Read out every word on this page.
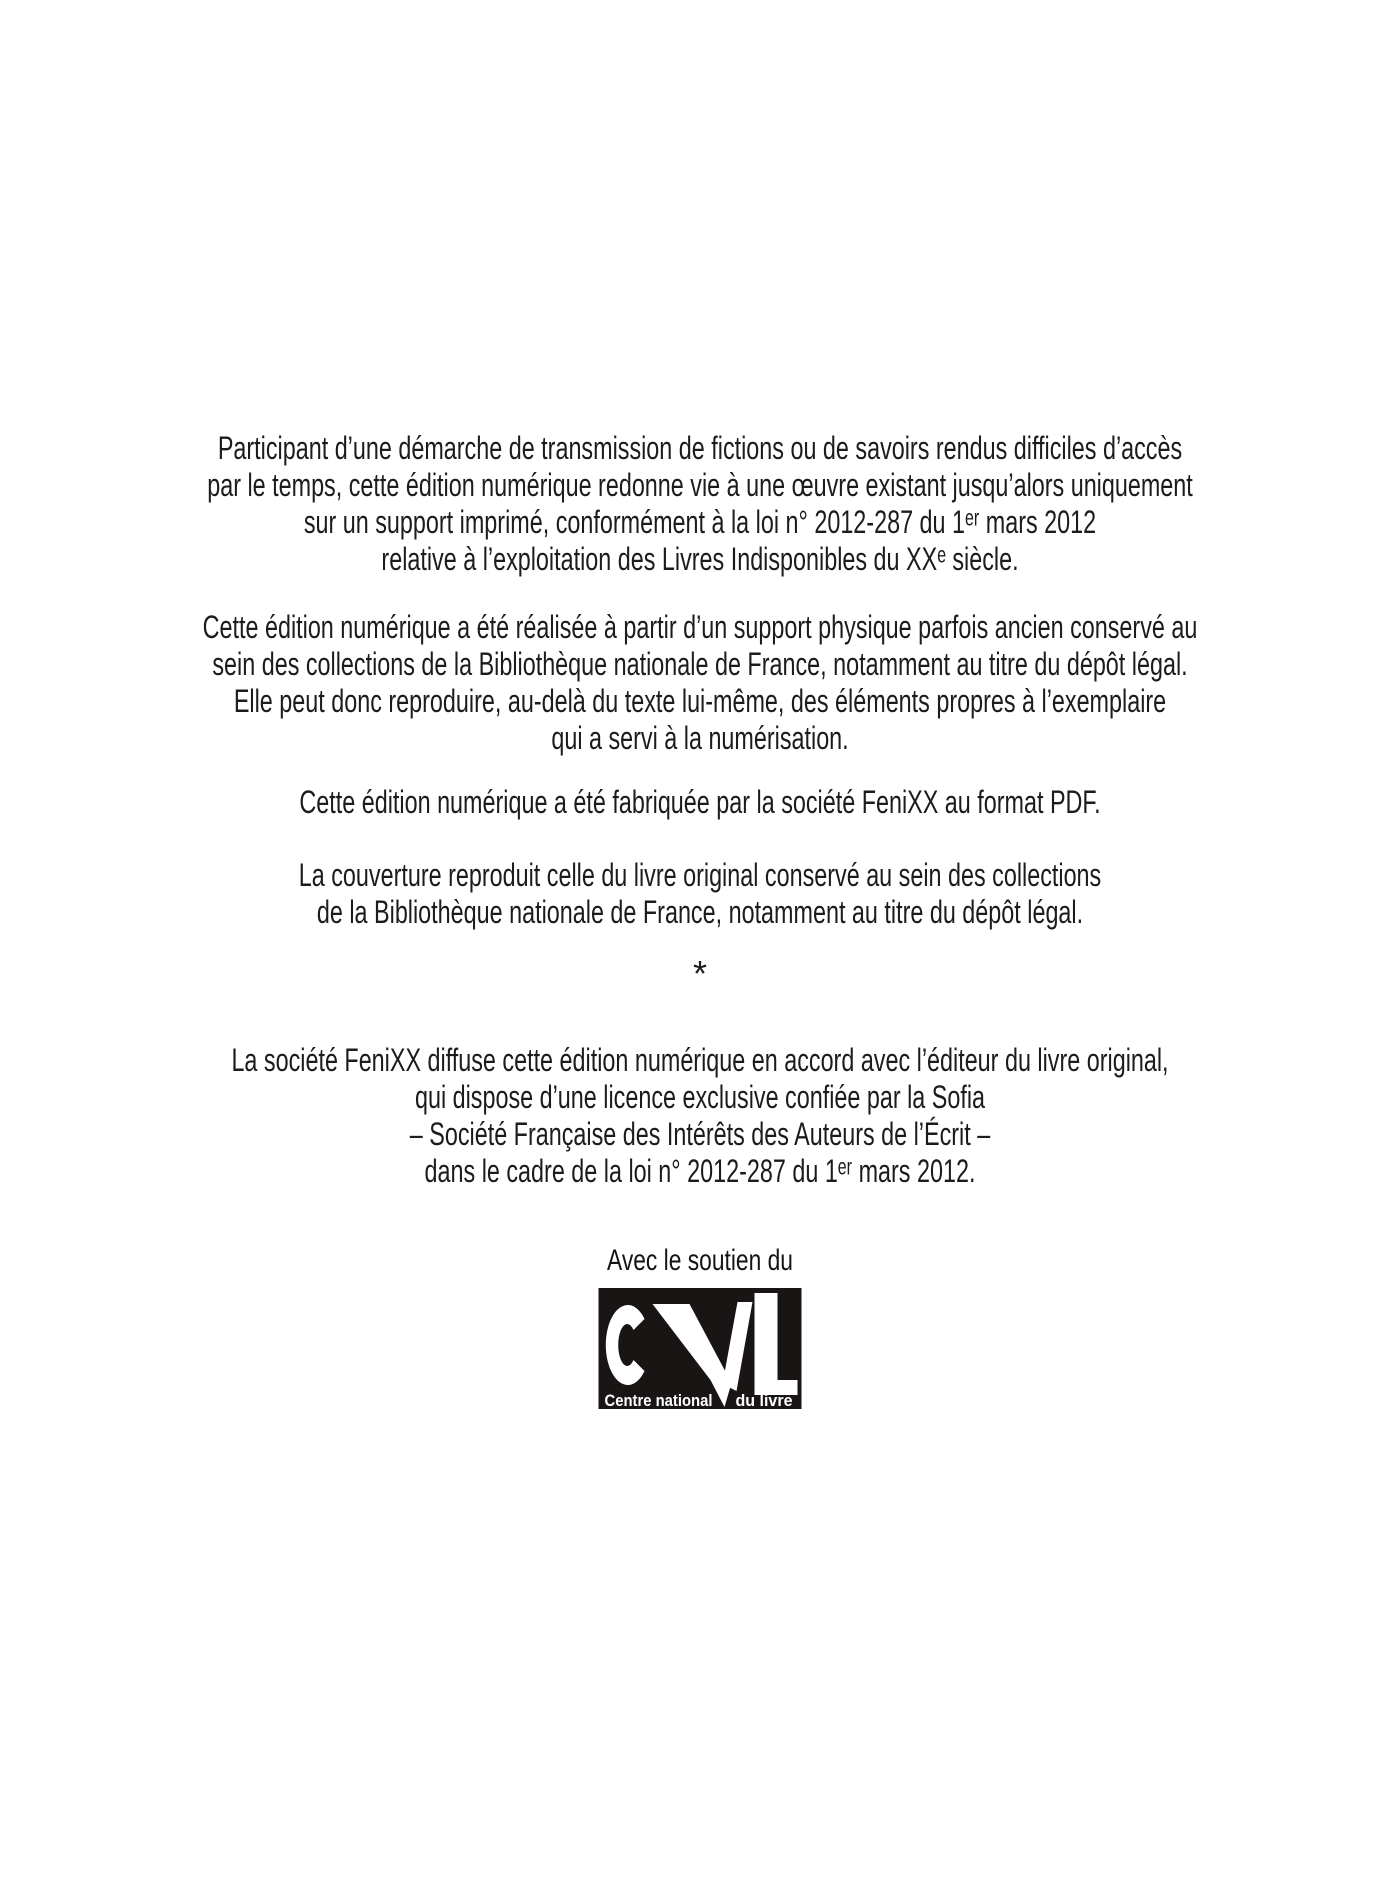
Participant d’une démarche de transmission de fictions ou de savoirs rendus difficiles d’accès
par le temps, cette édition numérique redonne vie à une œuvre existant jusqu’alors uniquement
sur un support imprimé, conformément à la loi n° 2012-287 du 1ᵉʳ mars 2012
relative à l’exploitation des Livres Indisponibles du XXᵉ siècle.
Cette édition numérique a été réalisée à partir d’un support physique parfois ancien conservé au
sein des collections de la Bibliothèque nationale de France, notamment au titre du dépôt légal.
Elle peut donc reproduire, au-delà du texte lui-même, des éléments propres à l’exemplaire
qui a servi à la numérisation.
Cette édition numérique a été fabriquée par la société FeniXX au format PDF.
La couverture reproduit celle du livre original conservé au sein des collections
de la Bibliothèque nationale de France, notamment au titre du dépôt légal.
*
La société FeniXX diffuse cette édition numérique en accord avec l’éditeur du livre original,
qui dispose d’une licence exclusive confiée par la Sofia
– Société Française des Intérêts des Auteurs de l’Écrit –
dans le cadre de la loi n° 2012-287 du 1ᵉʳ mars 2012.
Avec le soutien du
Centre national du livre
